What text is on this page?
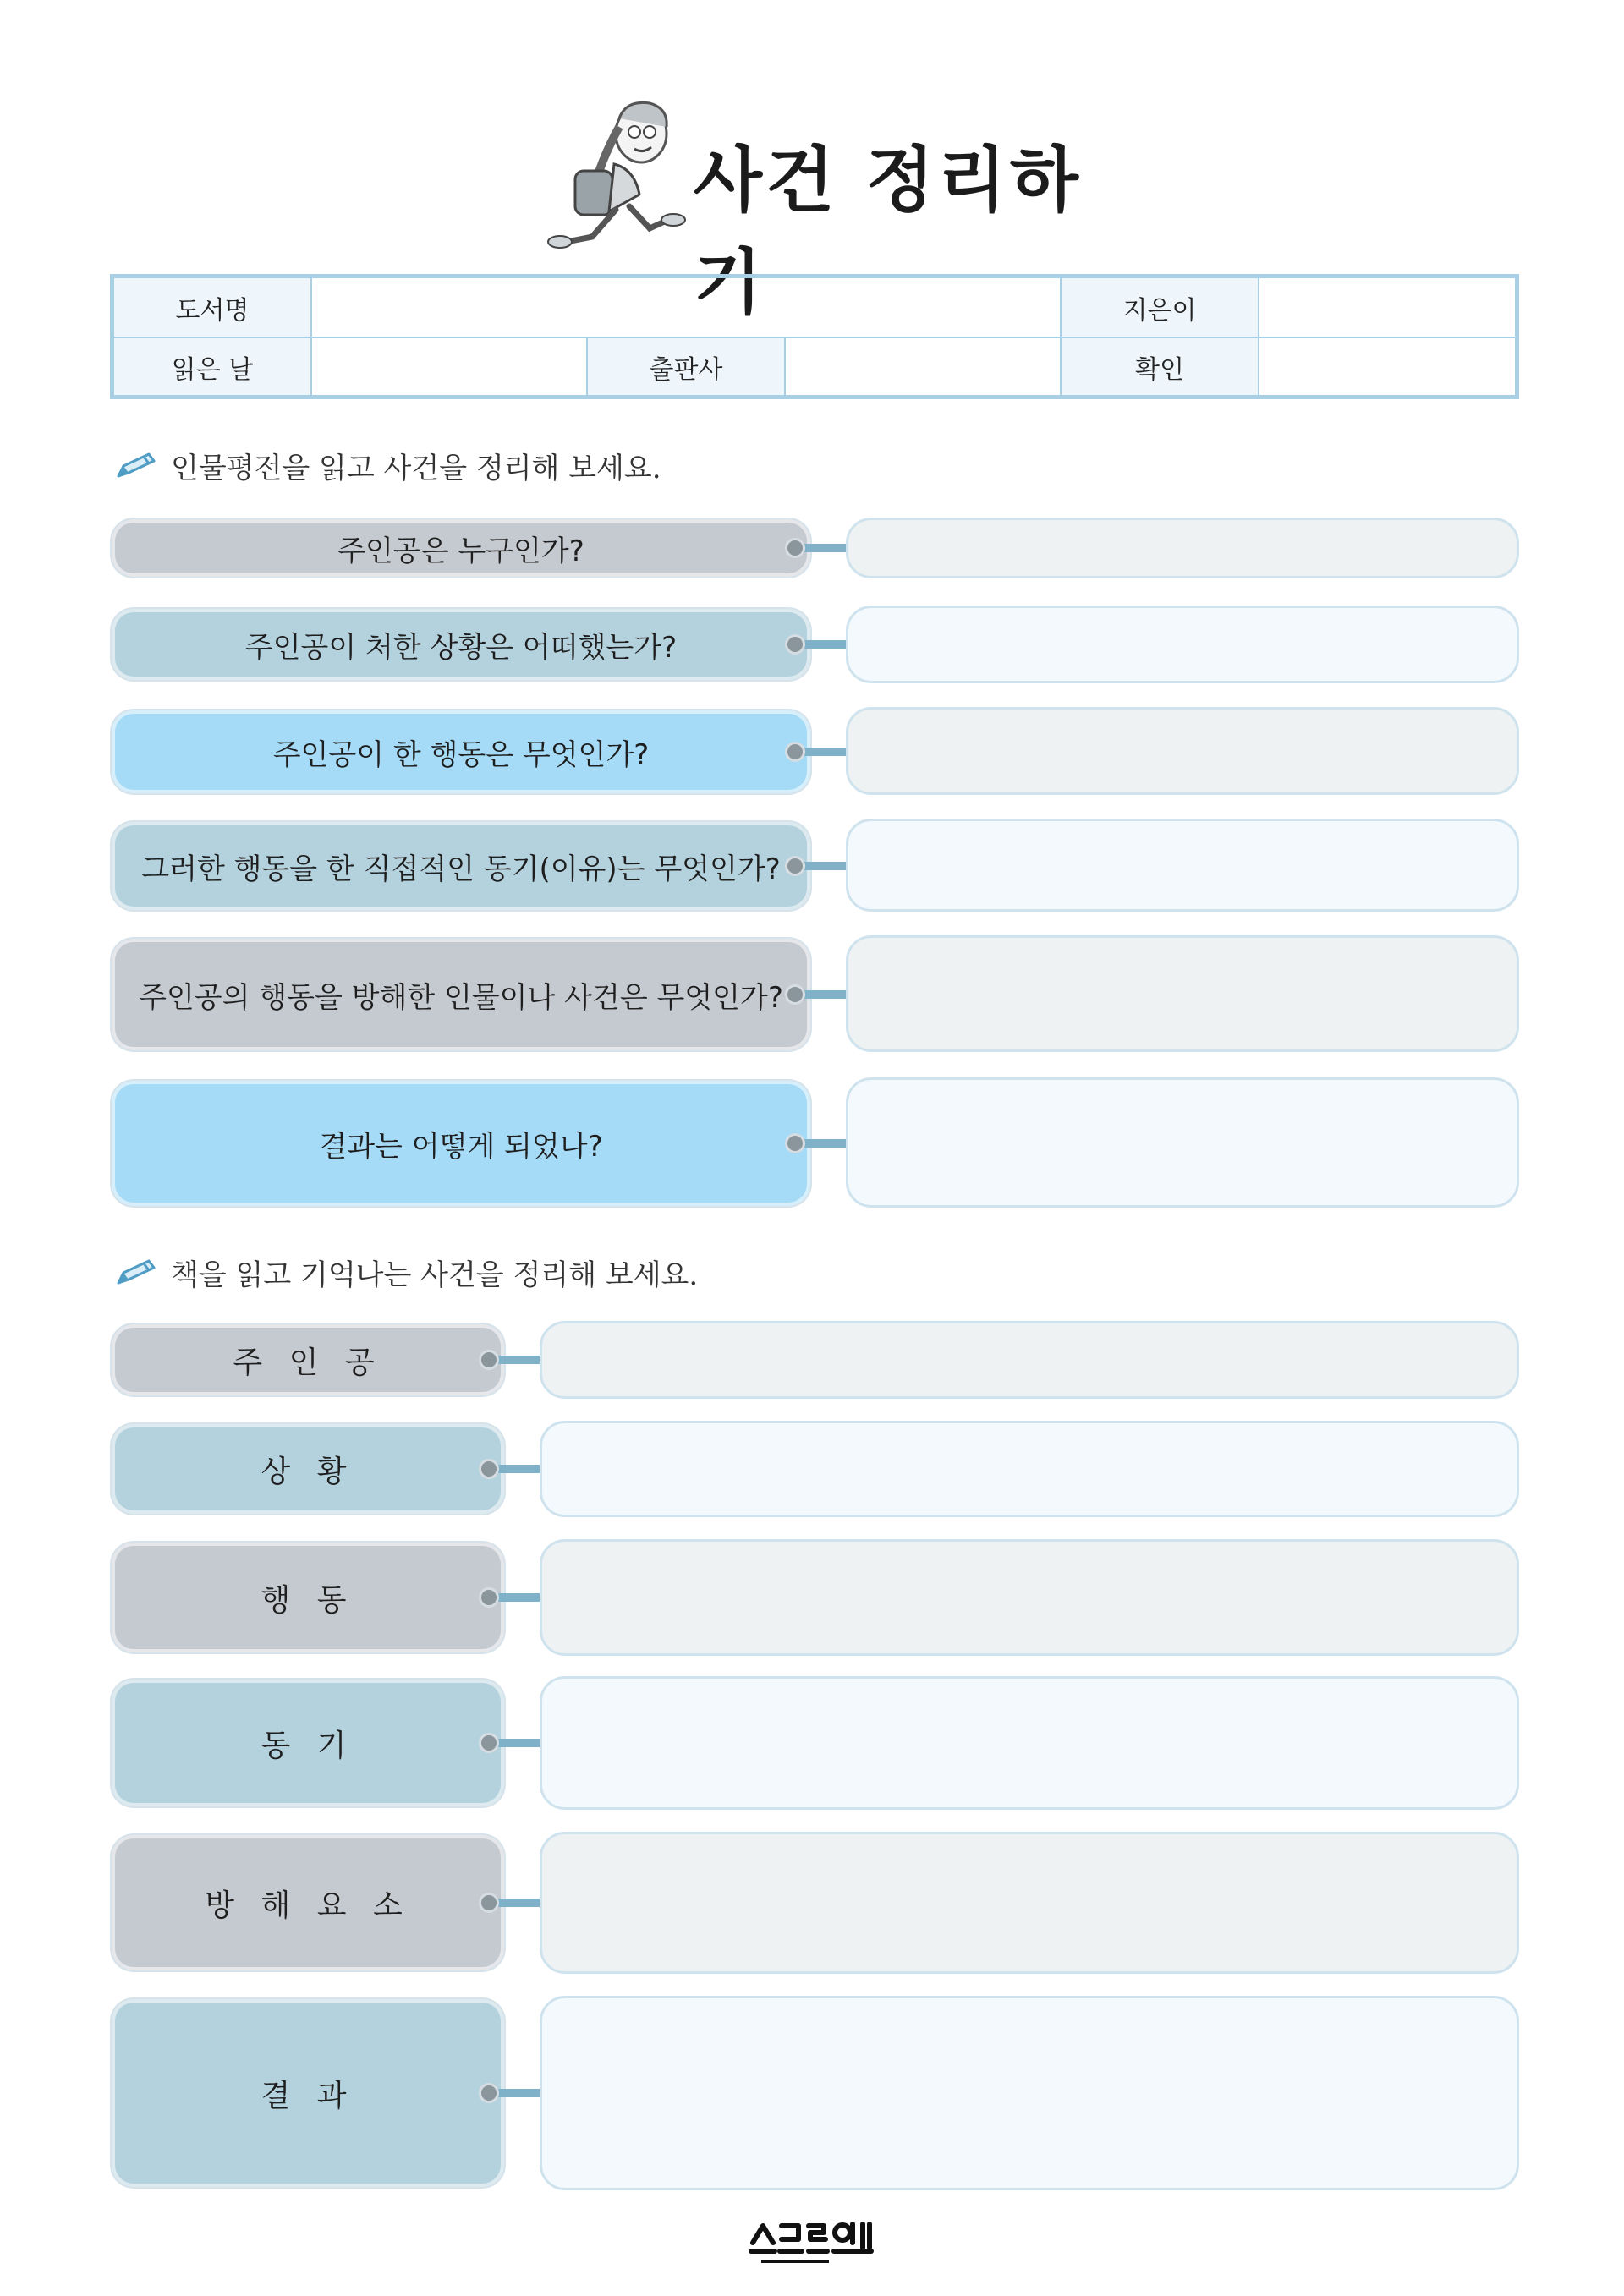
사건 정리하기
도서명	지은이
읽은 날	출판사	확인
인물평전을 읽고 사건을 정리해 보세요.
주인공은 누구인가?
주인공이 처한 상황은 어떠했는가?
주인공이 한 행동은 무엇인가?
그러한 행동을 한 직접적인 동기(이유)는 무엇인가?
주인공의 행동을 방해한 인물이나 사건은 무엇인가?
결과는 어떻게 되었나?
책을 읽고 기억나는 사건을 정리해 보세요.
주 인 공
상 황
행 동
동 기
방 해 요 소
결 과
